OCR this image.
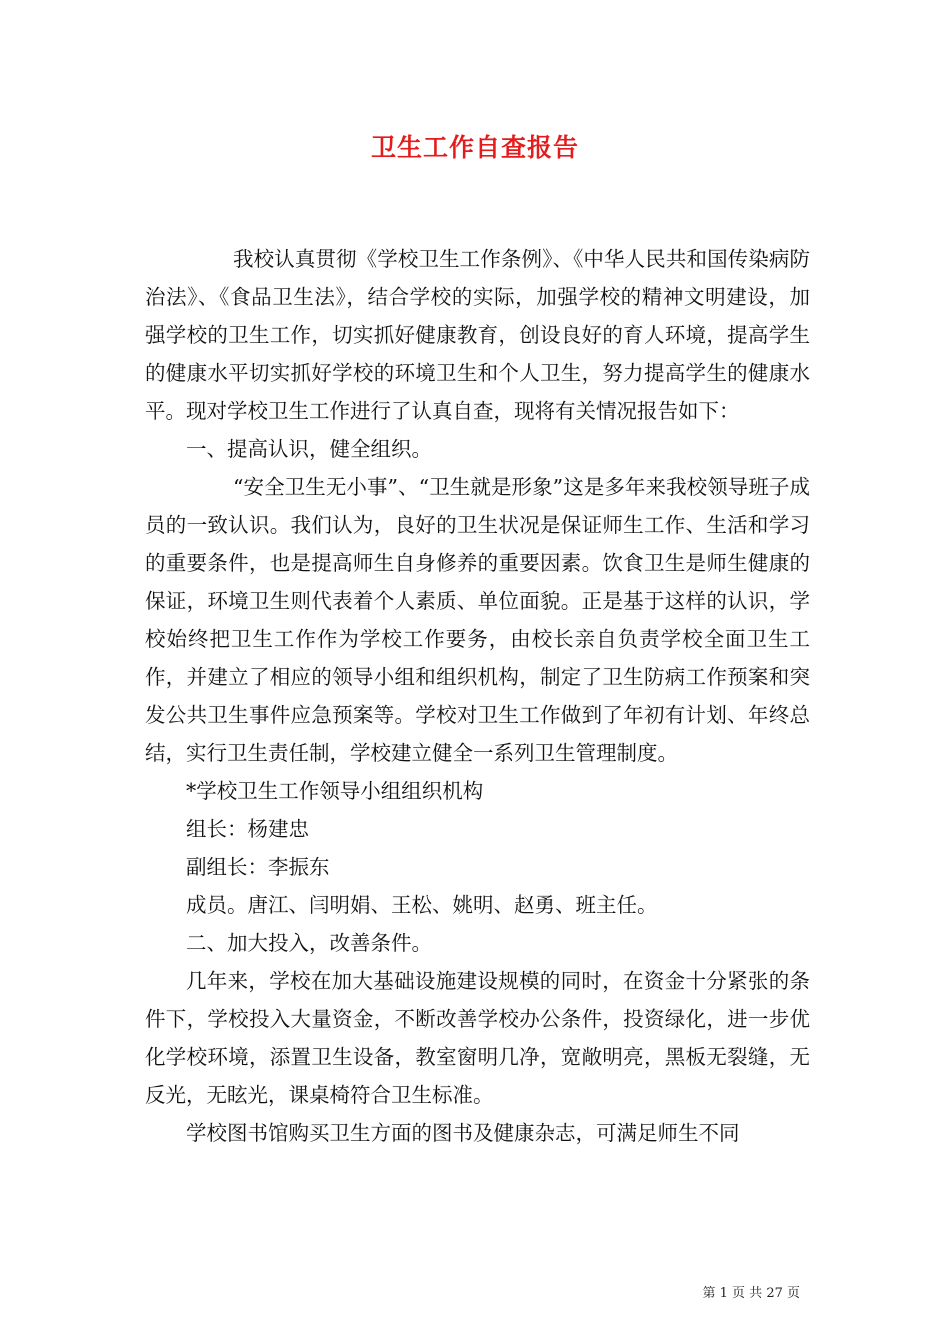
卫生工作自查报告

我校认真贯彻《学校卫生工作条例》、《中华人民共和国传染病防治法》、《食品卫生法》，结合学校的实际，加强学校的精神文明建设，加强学校的卫生工作，切实抓好健康教育，创设良好的育人环境，提高学生的健康水平切实抓好学校的环境卫生和个人卫生，努力提高学生的健康水平。现对学校卫生工作进行了认真自查，现将有关情况报告如下：

一、提高认识，健全组织。

“安全卫生无小事”、“卫生就是形象”这是多年来我校领导班子成员的一致认识。我们认为，良好的卫生状况是保证师生工作、生活和学习的重要条件，也是提高师生自身修养的重要因素。饮食卫生是师生健康的保证，环境卫生则代表着个人素质、单位面貌。正是基于这样的认识，学校始终把卫生工作作为学校工作要务，由校长亲自负责学校全面卫生工作，并建立了相应的领导小组和组织机构，制定了卫生防病工作预案和突发公共卫生事件应急预案等。学校对卫生工作做到了年初有计划、年终总结，实行卫生责任制，学校建立健全一系列卫生管理制度。

*学校卫生工作领导小组组织机构

组长：杨建忠

副组长：李振东

成员。唐江、闫明娟、王松、姚明、赵勇、班主任。

二、加大投入，改善条件。

几年来，学校在加大基础设施建设规模的同时，在资金十分紧张的条件下，学校投入大量资金，不断改善学校办公条件，投资绿化，进一步优化学校环境，添置卫生设备，教室窗明几净，宽敞明亮，黑板无裂缝，无反光，无眩光，课桌椅符合卫生标准。

学校图书馆购买卫生方面的图书及健康杂志，可满足师生不同

第 1 页 共 27 页
